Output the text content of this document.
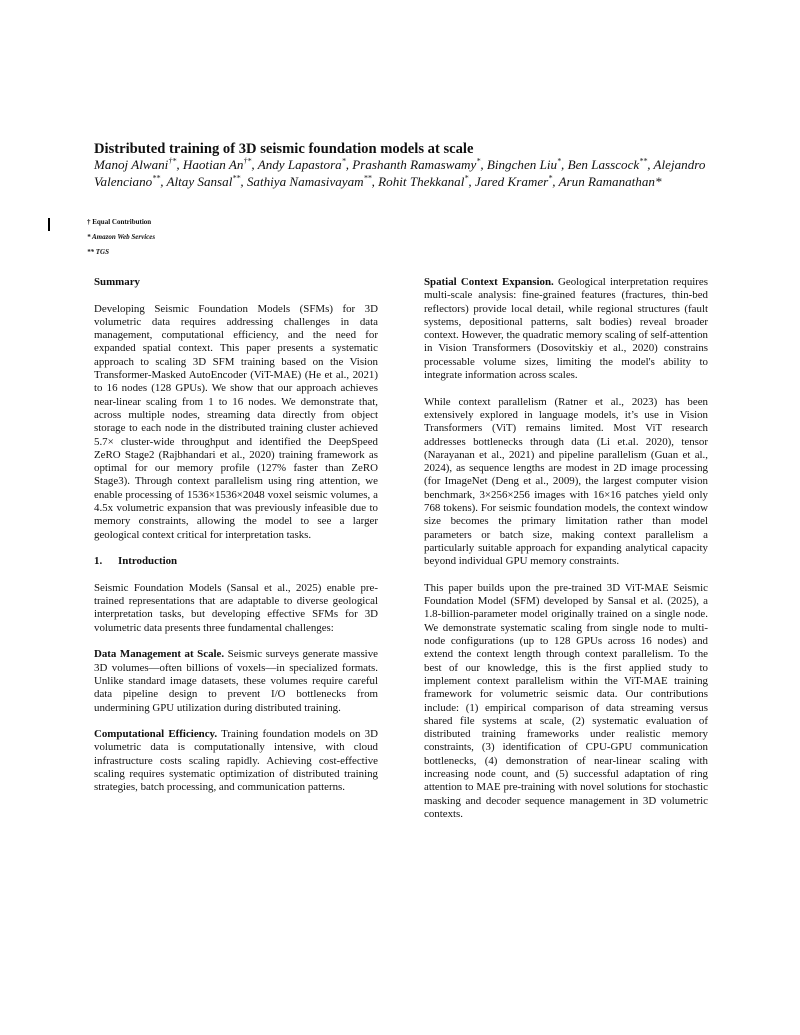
Distributed training of 3D seismic foundation models at scale

Manoj Alwani†*, Haotian An†*, Andy Lapastora*, Prashanth Ramaswamy*, Bingchen Liu*, Ben Lasscock**, Alejandro Valenciano**, Altay Sansal**, Sathiya Namasivayam**, Rohit Thekkanal*, Jared Kramer*, Arun Ramanathan*

† Equal Contribution
* Amazon Web Services
** TGS
Summary

Developing Seismic Foundation Models (SFMs) for 3D volumetric data requires addressing challenges in data management, computational efficiency, and the need for expanded spatial context. This paper presents a systematic approach to scaling 3D SFM training based on the Vision Transformer-Masked AutoEncoder (ViT-MAE) (He et al., 2021) to 16 nodes (128 GPUs). We show that our approach achieves near-linear scaling from 1 to 16 nodes. We demonstrate that, across multiple nodes, streaming data directly from object storage to each node in the distributed training cluster achieved 5.7× cluster-wide throughput and identified the DeepSpeed ZeRO Stage2 (Rajbhandari et al., 2020) training framework as optimal for our memory profile (127% faster than ZeRO Stage3). Through context parallelism using ring attention, we enable processing of 1536×1536×2048 voxel seismic volumes, a 4.5x volumetric expansion that was previously infeasible due to memory constraints, allowing the model to see a larger geological context critical for interpretation tasks.

1. Introduction

Seismic Foundation Models (Sansal et al., 2025) enable pre-trained representations that are adaptable to diverse geological interpretation tasks, but developing effective SFMs for 3D volumetric data presents three fundamental challenges:

Data Management at Scale. Seismic surveys generate massive 3D volumes—often billions of voxels—in specialized formats. Unlike standard image datasets, these volumes require careful data pipeline design to prevent I/O bottlenecks from undermining GPU utilization during distributed training.

Computational Efficiency. Training foundation models on 3D volumetric data is computationally intensive, with cloud infrastructure costs scaling rapidly. Achieving cost-effective scaling requires systematic optimization of distributed training strategies, batch processing, and communication patterns.

Spatial Context Expansion. Geological interpretation requires multi-scale analysis: fine-grained features (fractures, thin-bed reflectors) provide local detail, while regional structures (fault systems, depositional patterns, salt bodies) reveal broader context. However, the quadratic memory scaling of self-attention in Vision Transformers (Dosovitskiy et al., 2020) constrains processable volume sizes, limiting the model's ability to integrate information across scales.

While context parallelism (Ratner et al., 2023) has been extensively explored in language models, it’s use in Vision Transformers (ViT) remains limited. Most ViT research addresses bottlenecks through data (Li et.al. 2020), tensor (Narayanan et al., 2021) and pipeline parallelism (Guan et al., 2024), as sequence lengths are modest in 2D image processing (for ImageNet (Deng et al., 2009), the largest computer vision benchmark, 3×256×256 images with 16×16 patches yield only 768 tokens). For seismic foundation models, the context window size becomes the primary limitation rather than model parameters or batch size, making context parallelism a particularly suitable approach for expanding analytical capacity beyond individual GPU memory constraints.

This paper builds upon the pre-trained 3D ViT-MAE Seismic Foundation Model (SFM) developed by Sansal et al. (2025), a 1.8-billion-parameter model originally trained on a single node. We demonstrate systematic scaling from single node to multi-node configurations (up to 128 GPUs across 16 nodes) and extend the context length through context parallelism. To the best of our knowledge, this is the first applied study to implement context parallelism within the ViT-MAE training framework for volumetric seismic data. Our contributions include: (1) empirical comparison of data streaming versus shared file systems at scale, (2) systematic evaluation of distributed training frameworks under realistic memory constraints, (3) identification of CPU-GPU communication bottlenecks, (4) demonstration of near-linear scaling with increasing node count, and (5) successful adaptation of ring attention to MAE pre-training with novel solutions for stochastic masking and decoder sequence management in 3D volumetric contexts.
